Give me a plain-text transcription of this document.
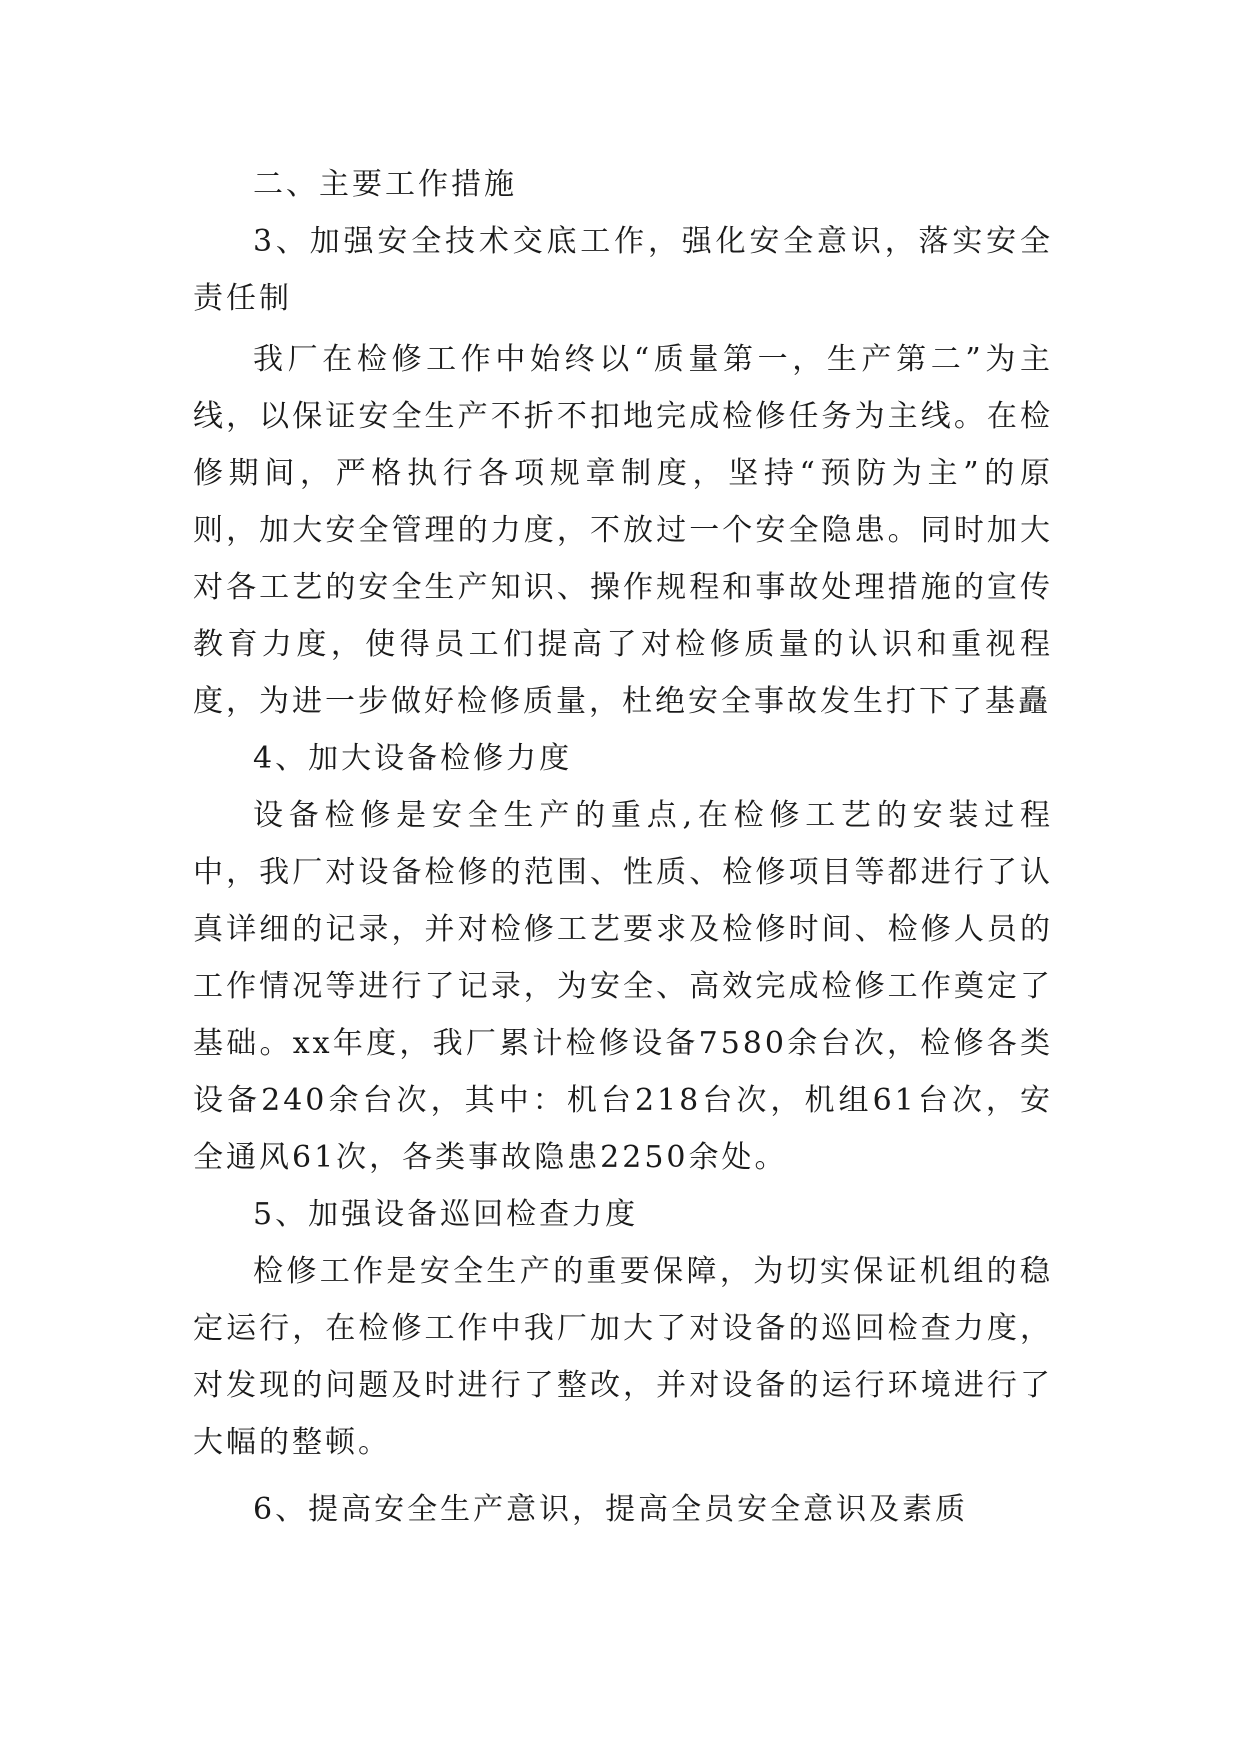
二、主要工作措施

3、加强安全技术交底工作，强化安全意识，落实安全责任制

我厂在检修工作中始终以“质量第一，生产第二”为主线，以保证安全生产不折不扣地完成检修任务为主线。在检修期间，严格执行各项规章制度，坚持“预防为主”的原则，加大安全管理的力度，不放过一个安全隐患。同时加大对各工艺的安全生产知识、操作规程和事故处理措施的宣传教育力度，使得员工们提高了对检修质量的认识和重视程度，为进一步做好检修质量，杜绝安全事故发生打下了基矗

4、加大设备检修力度

设备检修是安全生产的重点,在检修工艺的安装过程中，我厂对设备检修的范围、性质、检修项目等都进行了认真详细的记录，并对检修工艺要求及检修时间、检修人员的工作情况等进行了记录，为安全、高效完成检修工作奠定了基础。xx年度，我厂累计检修设备7580余台次，检修各类设备240余台次，其中：机台218台次，机组61台次，安全通风61次，各类事故隐患2250余处。

5、加强设备巡回检查力度

检修工作是安全生产的重要保障，为切实保证机组的稳定运行，在检修工作中我厂加大了对设备的巡回检查力度，对发现的问题及时进行了整改，并对设备的运行环境进行了大幅的整顿。

6、提高安全生产意识，提高全员安全意识及素质
